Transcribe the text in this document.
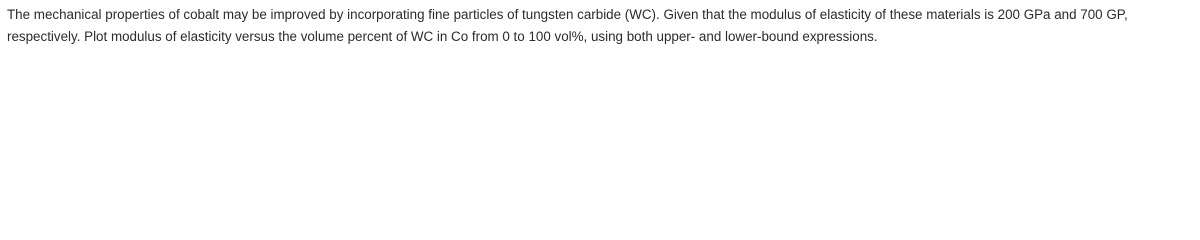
The mechanical properties of cobalt may be improved by incorporating fine particles of tungsten carbide (WC). Given that the modulus of elasticity of these materials is 200 GPa and 700 GP, respectively. Plot modulus of elasticity versus the volume percent of WC in Co from 0 to 100 vol%, using both upper- and lower-bound expressions.
